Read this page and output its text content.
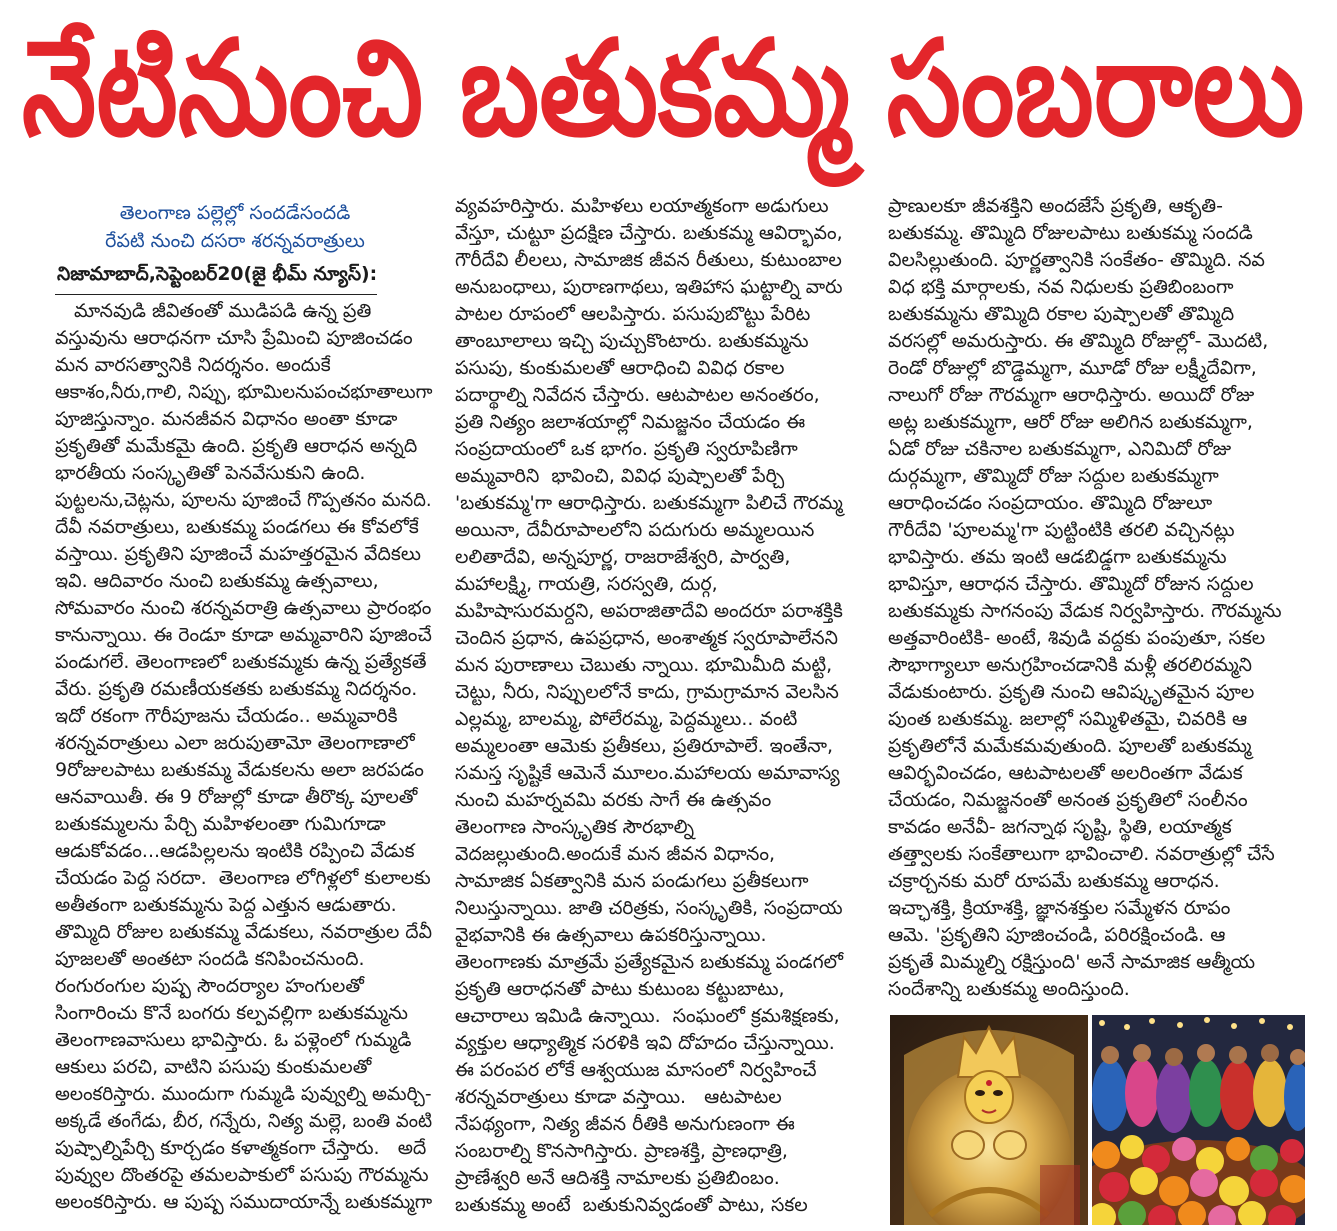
నేటినుంచి బతుకమ్మ సంబరాలు
తెలంగాణ పల్లెల్లో సందడేసందడి
రేపటి నుంచి దసరా శరన్నవరాత్రులు
నిజామాబాద్,సెప్టెంబర్20(జై భీమ్ న్యూస్):
మానవుడి జీవితంతో ముడిపడి ఉన్న ప్రతి
వస్తువును ఆరాధనగా చూసి ప్రేమించి పూజించడం
మన వారసత్వానికి నిదర్శనం. అందుకే
ఆకాశం,నీరు,గాలి, నిప్పు, భూమిలనుపంచభూతాలుగా
పూజిస్తున్నాం. మనజీవన విధానం అంతా కూడా
ప్రకృతితో మమేకమై ఉంది. ప్రకృతి ఆరాధన అన్నది
భారతీయ సంస్కృతితో పెనవేసుకుని ఉంది.
పుట్టలను,చెట్లను, పూలను పూజించే గొప్పతనం మనది.
దేవీ నవరాత్రులు, బతుకమ్మ పండగలు ఈ కోవలోకే
వస్తాయి. ప్రకృతిని పూజించే మహత్తరమైన వేదికలు
ఇవి. ఆదివారం నుంచి బతుకమ్మ ఉత్సవాలు,
సోమవారం నుంచి శరన్నవరాత్రి ఉత్సవాలు ప్రారంభం
కానున్నాయి. ఈ రెండూ కూడా అమ్మవారిని పూజించే
పండుగలే. తెలంగాణలో బతుకమ్మకు ఉన్న ప్రత్యేకతే
వేరు. ప్రకృతి రమణీయకతకు బతుకమ్మ నిదర్శనం.
ఇదో రకంగా గౌరీపూజను చేయడం.. అమ్మవారికి
శరన్నవరాత్రులు ఎలా జరుపుతామో తెలంగాణాలో
9రోజులపాటు బతుకమ్మ వేడుకలను అలా జరపడం
ఆనవాయితీ. ఈ 9 రోజుల్లో కూడా తీరొక్క పూలతో
బతుకమ్మలను పేర్చి మహిళలంతా గుమిగూడా
ఆడుకోవడం...ఆడపిల్లలను ఇంటికి రప్పించి వేడుక
చేయడం పెద్ద సరదా.  తెలంగాణ లోగిళ్లలో కులాలకు
అతీతంగా బతుకమ్మను పెద్ద ఎత్తున ఆడుతారు.
తొమ్మిది రోజుల బతుకమ్మ వేడుకలు, నవరాత్రుల దేవీ
పూజలతో అంతటా సందడి కనిపించనుంది.
రంగురంగుల పుష్ప సౌందర్యాల హంగులతో
సింగారించు కొనే బంగరు కల్పవల్లిగా బతుకమ్మను
తెలంగాణవాసులు భావిస్తారు. ఓ పళ్లెంలో గుమ్మడి
ఆకులు పరచి, వాటిని పసుపు కుంకుమలతో
అలంకరిస్తారు. ముందుగా గుమ్మడి పువ్వుల్ని అమర్చి-
అక్కడే తంగేడు, బీర, గన్నేరు, నిత్య మల్లె, బంతి వంటి
పుష్పాల్నిపేర్చి కూర్చడం కళాత్మకంగా చేస్తారు.   అదే
పువ్వుల దొంతరపై తమలపాకులో పసుపు గౌరమ్మను
అలంకరిస్తారు. ఆ పుష్ప సముదాయాన్నే బతుకమ్మగా
వ్యవహరిస్తారు. మహిళలు లయాత్మకంగా అడుగులు
వేస్తూ, చుట్టూ ప్రదక్షిణ చేస్తారు. బతుకమ్మ ఆవిర్భావం,
గౌరీదేవి లీలలు, సామాజిక జీవన రీతులు, కుటుంబాల
అనుబంధాలు, పురాణగాథలు, ఇతిహాస ఘట్టాల్ని వారు
పాటల రూపంలో ఆలపిస్తారు. పసుపుబొట్టు పేరిట
తాంబూలాలు ఇచ్చి పుచ్చుకొంటారు. బతుకమ్మను
పసుపు, కుంకుమలతో ఆరాధించి వివిధ రకాల
పదార్థాల్ని నివేదన చేస్తారు. ఆటపాటల అనంతరం,
ప్రతి నిత్యం జలాశయాల్లో నిమజ్జనం చేయడం ఈ
సంప్రదాయంలో ఒక భాగం. ప్రకృతి స్వరూపిణిగా
అమ్మవారిని  భావించి, వివిధ పుష్పాలతో పేర్చి
'బతుకమ్మ'గా ఆరాధిస్తారు. బతుకమ్మగా పిలిచే గౌరమ్మ
అయినా, దేవీరూపాలలోని పదుగురు అమ్మలయిన
లలితాదేవి, అన్నపూర్ణ, రాజరాజేశ్వరి, పార్వతి,
మహాలక్ష్మి, గాయత్రి, సరస్వతి, దుర్గ,
మహిషాసురమర్దని, అపరాజితాదేవి అందరూ పరాశక్తికి
చెందిన ప్రధాన, ఉపప్రధాన, అంశాత్మక స్వరూపాలేనని
మన పురాణాలు చెబుతు న్నాయి. భూమిమీది మట్టి,
చెట్టు, నీరు, నిప్పులలోనే కాదు, గ్రామగ్రామాన వెలసిన
ఎల్లమ్మ, బాలమ్మ, పోలేరమ్మ, పెద్దమ్మలు.. వంటి
అమ్మలంతా ఆమెకు ప్రతీకలు, ప్రతిరూపాలే. ఇంతేనా,
సమస్త సృష్టికే ఆమెనే మూలం.మహాలయ అమావాస్య
నుంచి మహర్నవమి వరకు సాగే ఈ ఉత్సవం
తెలంగాణ సాంస్కృతిక సౌరభాల్ని
వెదజల్లుతుంది.అందుకే మన జీవన విధానం,
సామాజిక ఏకత్వానికి మన పండుగలు ప్రతీకలుగా
నిలుస్తున్నాయి. జాతి చరిత్రకు, సంస్కృతికి, సంప్రదాయ
వైభవానికి ఈ ఉత్సవాలు ఉపకరిస్తున్నాయి.
తెలంగాణకు మాత్రమే ప్రత్యేకమైన బతుకమ్మ పండగలో
ప్రకృతి ఆరాధనతో పాటు కుటుంబ కట్టుబాటు,
ఆచారాలు ఇమిడి ఉన్నాయి.  సంఘంలో క్రమశిక్షణకు,
వ్యక్తుల ఆధ్యాత్మిక సరళికి ఇవి దోహదం చేస్తున్నాయి.
ఈ పరంపర లోకే ఆశ్వయుజ మాసంలో నిర్వహించే
శరన్నవరాత్రులు కూడా వస్తాయి.   ఆటపాటల
నేపథ్యంగా, నిత్య జీవన రీతికి అనుగుణంగా ఈ
సంబరాల్ని కొనసాగిస్తారు. ప్రాణశక్తి, ప్రాణధాత్రి,
ప్రాణేశ్వరి అనే ఆదిశక్తి నామాలకు ప్రతిబింబం.
బతుకమ్మ అంటే  బతుకునివ్వడంతో పాటు, సకల
ప్రాణులకూ జీవశక్తిని అందజేసే ప్రకృతి, ఆకృతి-
బతుకమ్మ. తొమ్మిది రోజులపాటు బతుకమ్మ సందడి
విలసిల్లుతుంది. పూర్ణత్వానికి సంకేతం- తొమ్మిది. నవ
విధ భక్తి మార్గాలకు, నవ నిధులకు ప్రతిబింబంగా
బతుకమ్మను తొమ్మిది రకాల పుష్పాలతో తొమ్మిది
వరసల్లో అమరుస్తారు. ఈ తొమ్మిది రోజుల్లో- మొదటి,
రెండో రోజుల్లో బొడ్డెమ్మగా, మూడో రోజు లక్ష్మీదేవిగా,
నాలుగో రోజు గౌరమ్మగా ఆరాధిస్తారు. అయిదో రోజు
అట్ల బతుకమ్మగా, ఆరో రోజు అలిగిన బతుకమ్మగా,
ఏడో రోజు చకినాల బతుకమ్మగా, ఎనిమిదో రోజు
దుర్గమ్మగా, తొమ్మిదో రోజు సద్దుల బతుకమ్మగా
ఆరాధించడం సంప్రదాయం. తొమ్మిది రోజులూ
గౌరీదేవి 'పూలమ్మ'గా పుట్టింటికి తరలి వచ్చినట్లు
భావిస్తారు. తమ ఇంటి ఆడబిడ్డగా బతుకమ్మను
భావిస్తూ, ఆరాధన చేస్తారు. తొమ్మిదో రోజున సద్దుల
బతుకమ్మకు సాగనంపు వేడుక నిర్వహిస్తారు. గౌరమ్మను
అత్తవారింటికి- అంటే, శివుడి వద్దకు పంపుతూ, సకల
సౌభాగ్యాలూ అనుగ్రహించడానికి మళ్లీ తరలిరమ్మని
వేడుకుంటారు. ప్రకృతి నుంచి ఆవిష్కృతమైన పూల
పుంత బతుకమ్మ. జలాల్లో సమ్మిళితమై, చివరికి ఆ
ప్రకృతిలోనే మమేకమవుతుంది. పూలతో బతుకమ్మ
ఆవిర్భవించడం, ఆటపాటలతో అలరింతగా వేడుక
చేయడం, నిమజ్జనంతో అనంత ప్రకృతిలో సంలీనం
కావడం అనేవీ- జగన్నాథ సృష్టి, స్థితి, లయాత్మక
తత్త్వాలకు సంకేతాలుగా భావించాలి. నవరాత్రుల్లో చేసే
చక్రార్చనకు మరో రూపమే బతుకమ్మ ఆరాధన.
ఇచ్ఛాశక్తి, క్రియాశక్తి, జ్ఞానశక్తుల సమ్మేళన రూపం
ఆమె. 'ప్రకృతిని పూజించండి, పరిరక్షించండి. ఆ
ప్రకృతే మిమ్మల్ని రక్షిస్తుంది' అనే సామాజిక ఆత్మీయ
సందేశాన్ని బతుకమ్మ అందిస్తుంది.
